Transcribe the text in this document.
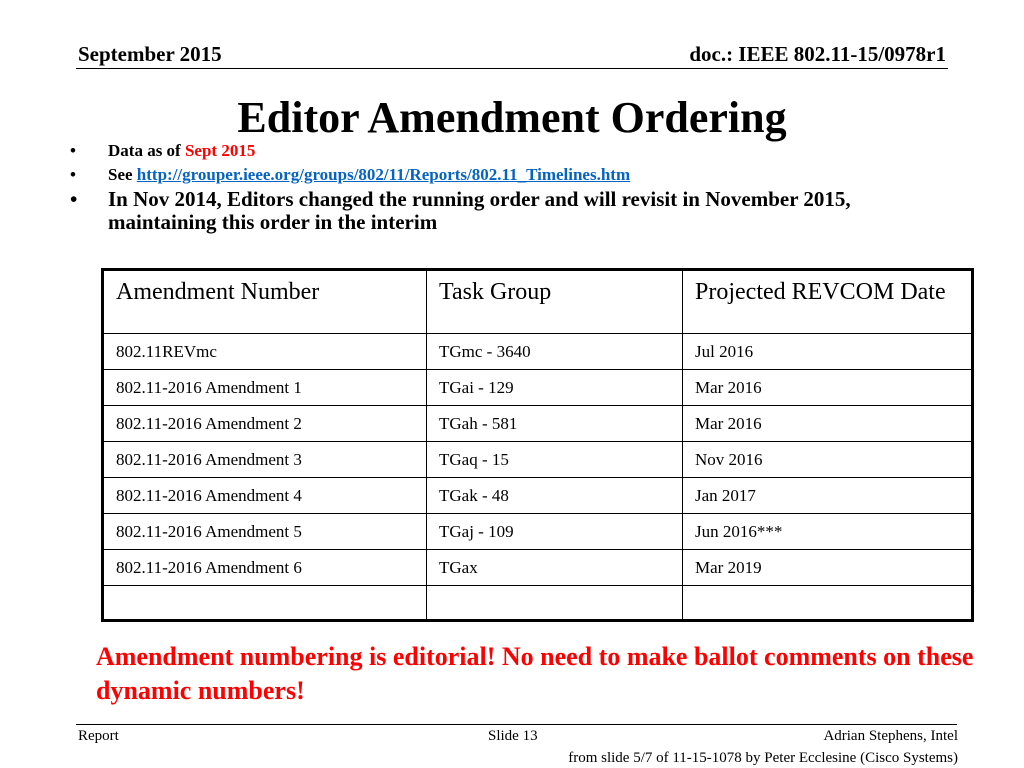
September 2015	doc.: IEEE 802.11-15/0978r1
Editor Amendment Ordering
• Data as of Sept 2015
• See http://grouper.ieee.org/groups/802/11/Reports/802.11_Timelines.htm
• In Nov 2014, Editors changed the running order and will revisit in November 2015, maintaining this order in the interim
Amendment Number	Task Group	Projected REVCOM Date
802.11REVmc	TGmc - 3640	Jul 2016
802.11-2016 Amendment 1	TGai - 129	Mar 2016
802.11-2016 Amendment 2	TGah - 581	Mar 2016
802.11-2016 Amendment 3	TGaq - 15	Nov 2016
802.11-2016 Amendment 4	TGak - 48	Jan 2017
802.11-2016 Amendment 5	TGaj - 109	Jun 2016***
802.11-2016 Amendment 6	TGax	Mar 2019

Amendment numbering is editorial! No need to make ballot comments on these dynamic numbers!
Report	Slide 13	Adrian Stephens, Intel
from slide 5/7 of 11-15-1078 by Peter Ecclesine (Cisco Systems)
